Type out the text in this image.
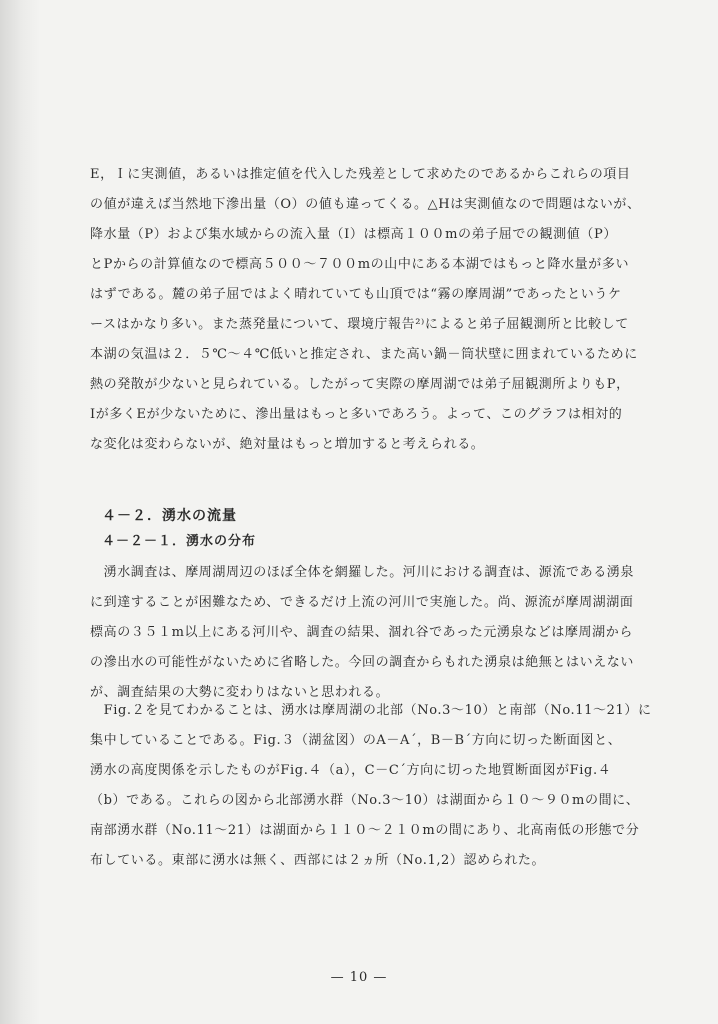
E，Ｉに実測値，あるいは推定値を代入した残差として求めたのであるからこれらの項目
の値が違えば当然地下滲出量（O）の値も違ってくる。△Hは実測値なので問題はないが、
降水量（P）および集水域からの流入量（I）は標高１００mの弟子屈での観測値（P）
とPからの計算値なので標高５００～７００mの山中にある本湖ではもっと降水量が多い
はずである。麓の弟子屈ではよく晴れていても山頂では“霧の摩周湖”であったというケ
ースはかなり多い。また蒸発量について、環境庁報告²⁾によると弟子屈観測所と比較して
本湖の気温は２．５℃～４℃低いと推定され、また高い鍋－筒状壁に囲まれているために
熱の発散が少ないと見られている。したがって実際の摩周湖では弟子屈観測所よりもP，
Iが多くEが少ないために、滲出量はもっと多いであろう。よって、このグラフは相対的
な変化は変わらないが、絶対量はもっと増加すると考えられる。

４－２．湧水の流量
４－２－１．湧水の分布

　湧水調査は、摩周湖周辺のほぼ全体を網羅した。河川における調査は、源流である湧泉
に到達することが困難なため、できるだけ上流の河川で実施した。尚、源流が摩周湖湖面
標高の３５１m以上にある河川や、調査の結果、涸れ谷であった元湧泉などは摩周湖から
の滲出水の可能性がないために省略した。今回の調査からもれた湧泉は絶無とはいえない
が、調査結果の大勢に変わりはないと思われる。

　Fig.２を見てわかることは、湧水は摩周湖の北部（No.3～10）と南部（No.11～21）に
集中していることである。Fig.３（湖盆図）のA－A´，B－B´方向に切った断面図と、
湧水の高度関係を示したものがFig.４（a），C－C´方向に切った地質断面図がFig.４
（b）である。これらの図から北部湧水群（No.3～10）は湖面から１０～９０mの間に、
南部湧水群（No.11～21）は湖面から１１０～２１０mの間にあり、北高南低の形態で分
布している。東部に湧水は無く、西部には２ヵ所（No.1,2）認められた。

— 10 —
